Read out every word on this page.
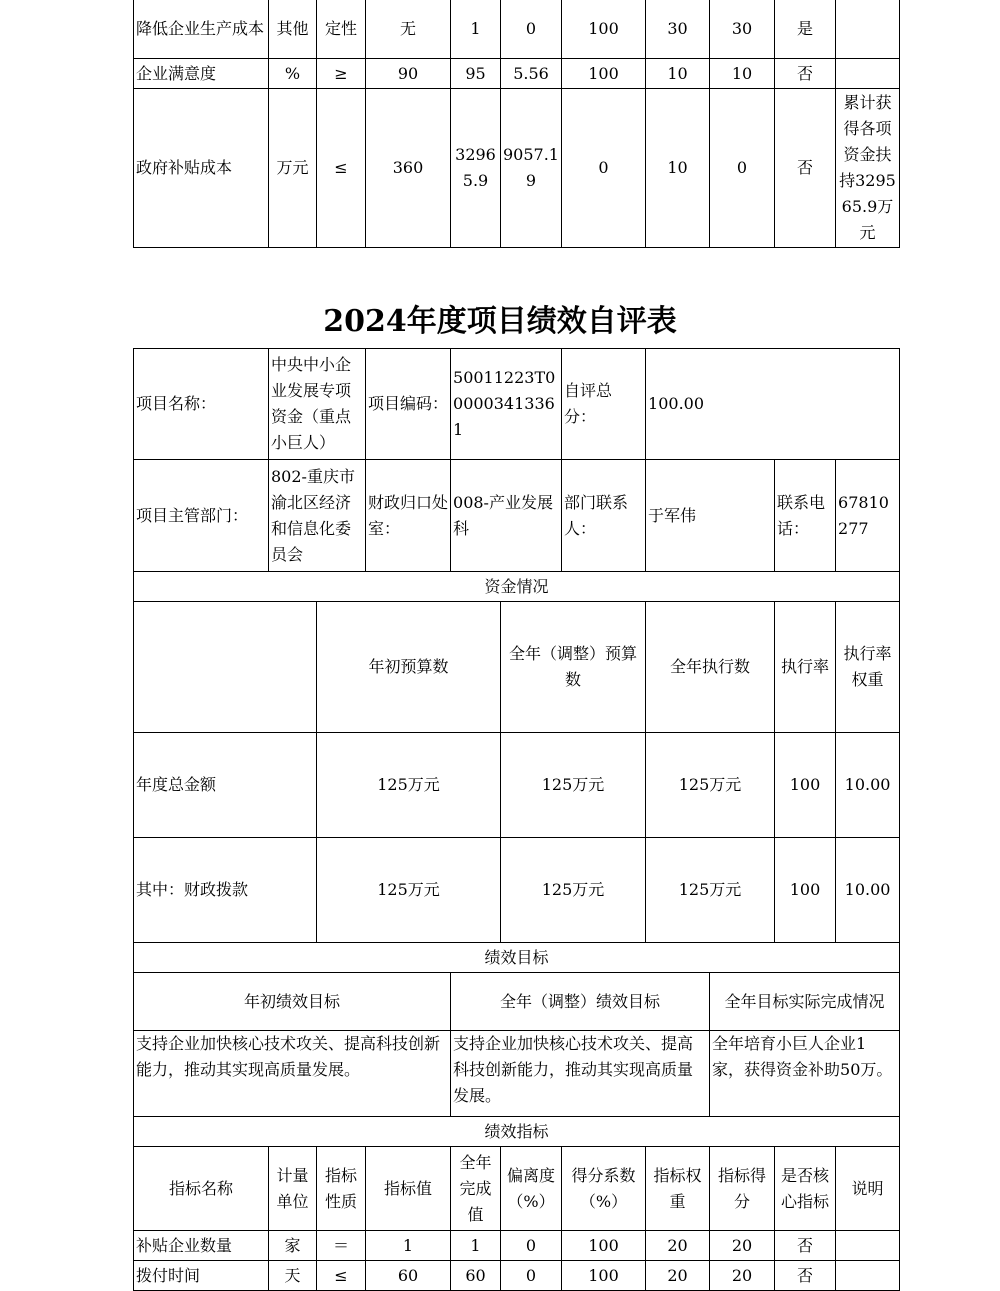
降低企业生产成本	其他	定性	无	1	0	100	30	30	是	
企业满意度	%	≥	90	95	5.56	100	10	10	否	
政府补贴成本	万元	≤	360	32965.9	9057.19	0	10	0	否	累计获得各项资金扶持329565.9万元
2024年度项目绩效自评表
项目名称：	中央中小企业发展专项资金（重点小巨人）		项目编码：	50011223T000003413361		自评总分：	100.00				
项目主管部门：	802-重庆市渝北区经济和信息化委员会		财政归口处室：	008-产业发展科		部门联系人：	于军伟		联系电话：	67810277	
资金情况											
		年初预算数			全年（调整）预算数		全年执行数		执行率	执行率权重	
年度总金额		125万元			125万元		125万元		100	10.00	
其中：财政拨款		125万元			125万元		125万元		100	10.00	
绩效目标											
年初绩效目标				全年（调整）绩效目标				全年目标实际完成情况			
支持企业加快核心技术攻关、提高科技创新能力，推动其实现高质量发展。				支持企业加快核心技术攻关、提高科技创新能力，推动其实现高质量发展。				全年培育小巨人企业1家，获得资金补助50万。			
绩效指标											
指标名称	计量单位	指标性质	指标值	全年完成值	偏离度（%）	得分系数（%）	指标权重	指标得分	是否核心指标	说明	
补贴企业数量	家	＝	1	1	0	100	20	20	否		
拨付时间	天	≤	60	60	0	100	20	20	否		
